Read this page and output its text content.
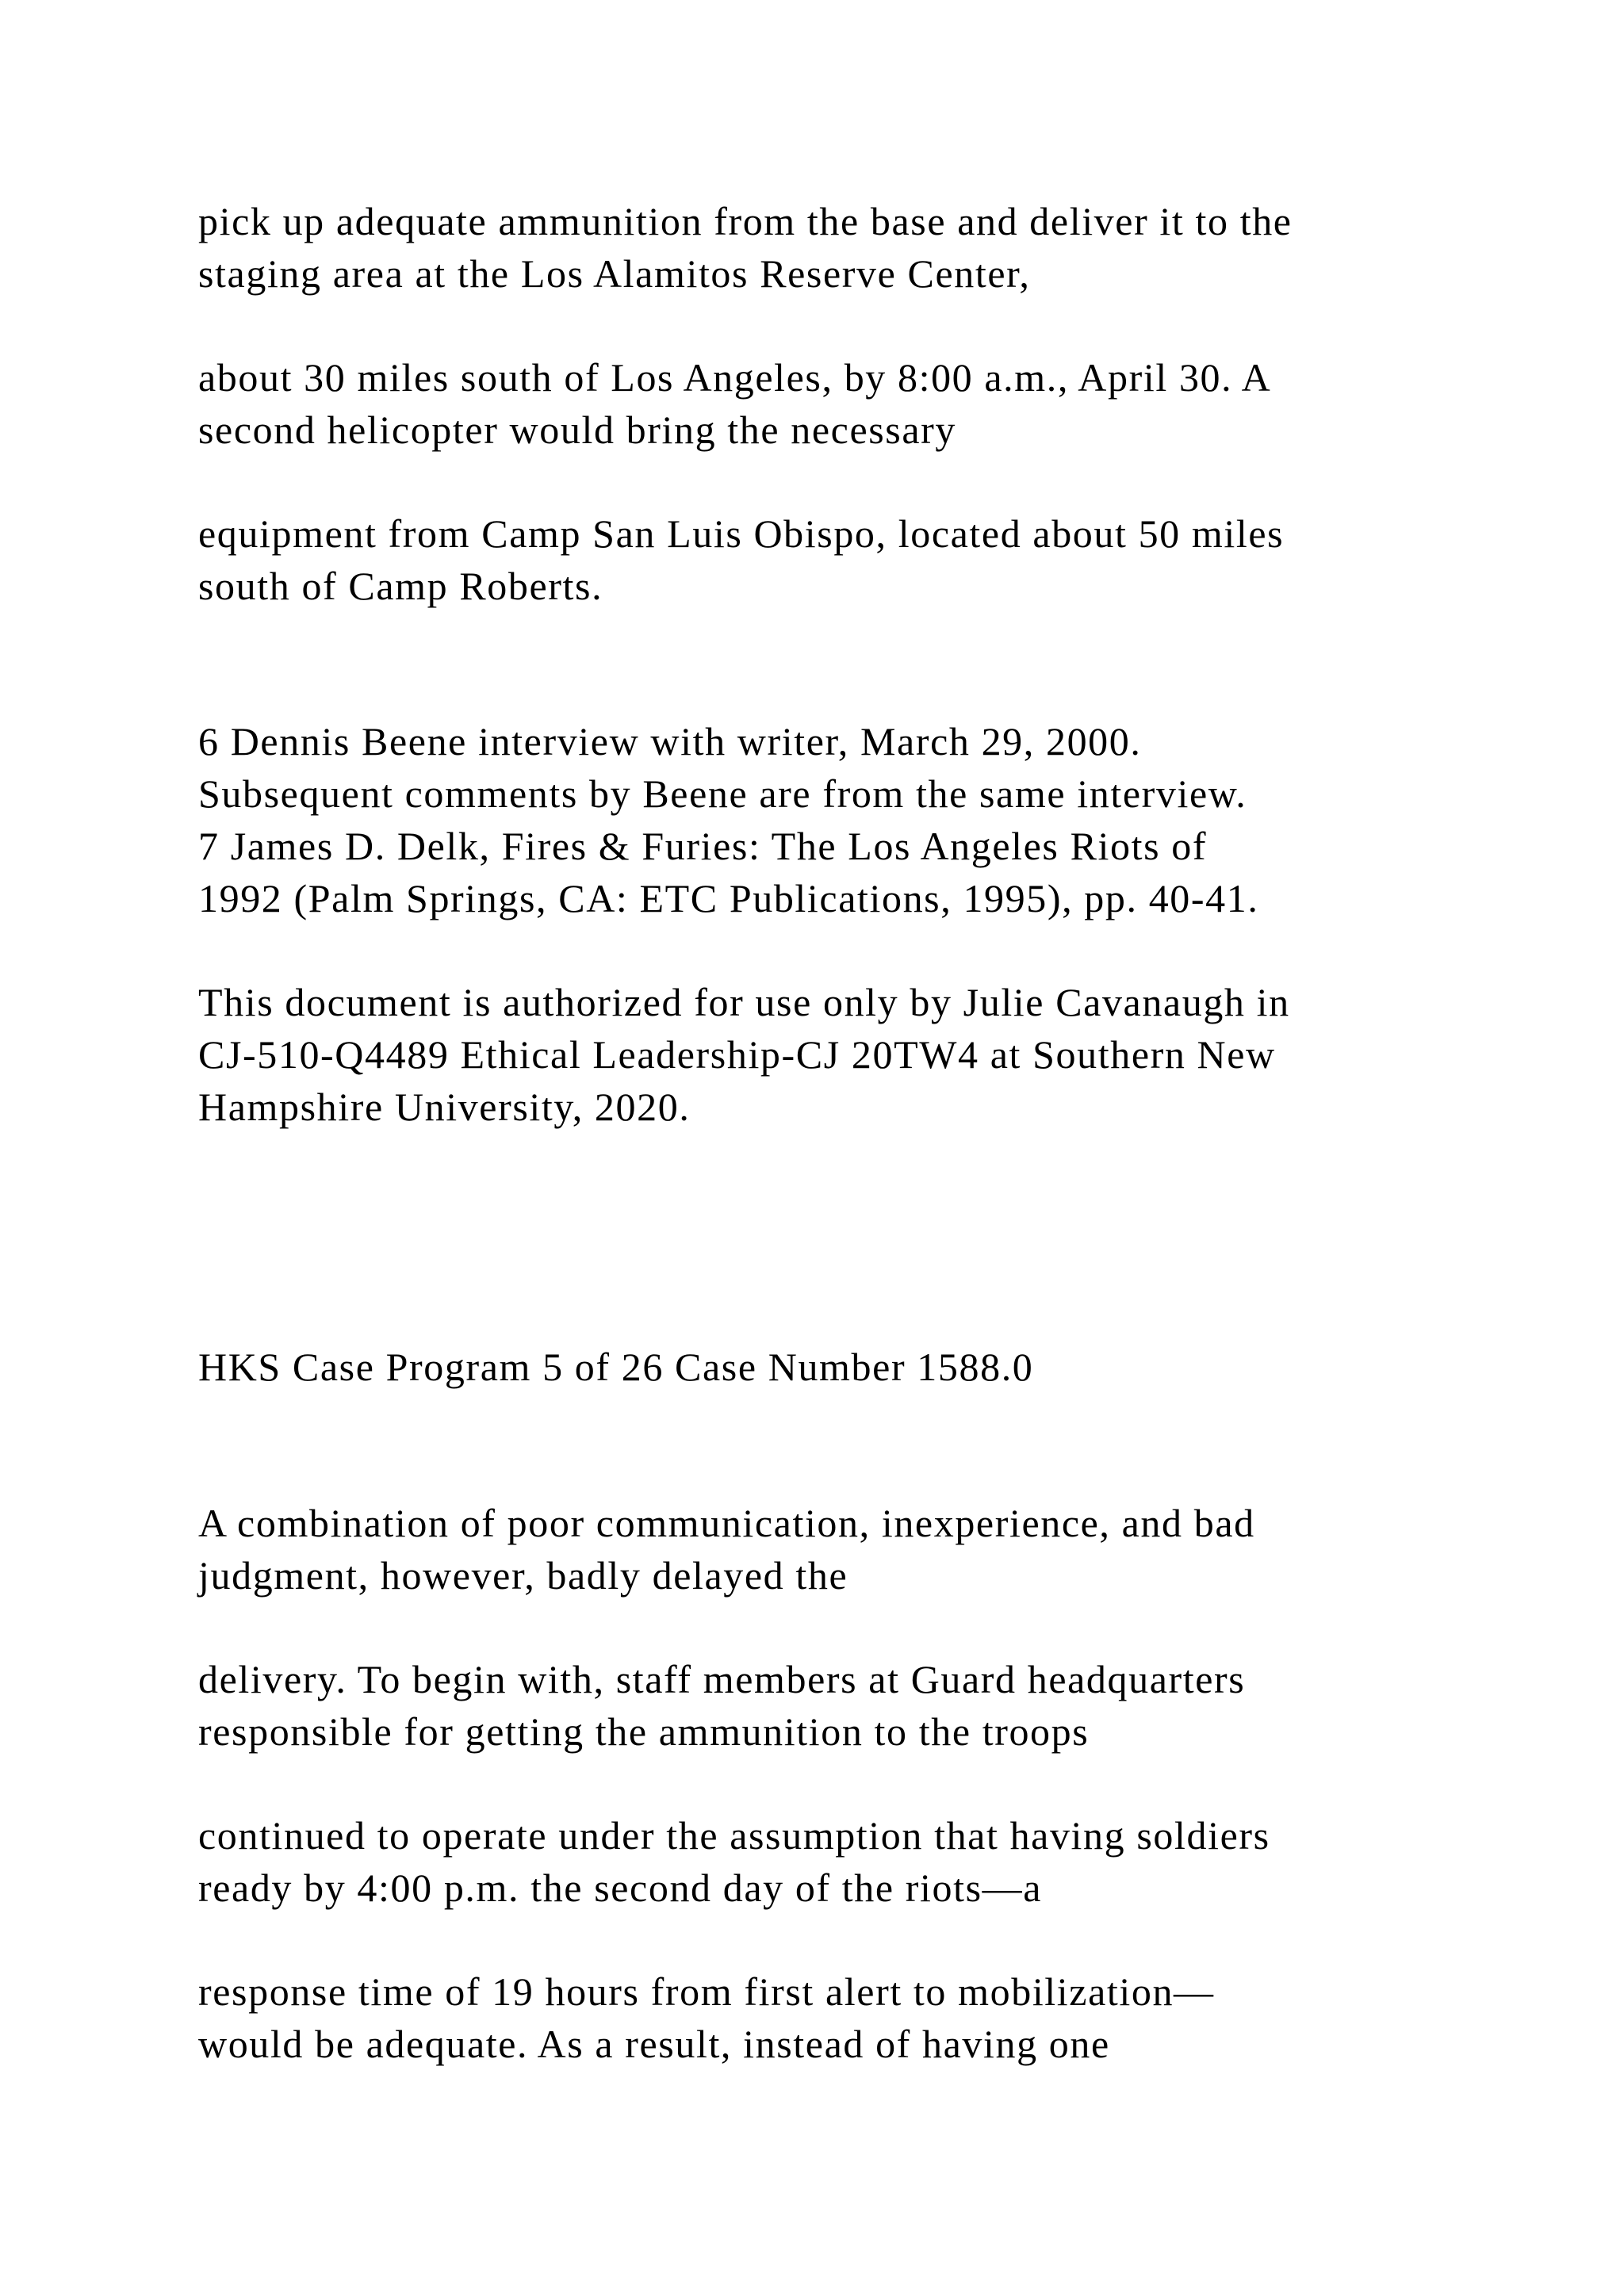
pick up adequate ammunition from the base and deliver it to the

staging area at the Los Alamitos Reserve Center,

about 30 miles south of Los Angeles, by 8:00 a.m., April 30. A

second helicopter would bring the necessary

equipment from Camp San Luis Obispo, located about 50 miles

south of Camp Roberts.

6 Dennis Beene interview with writer, March 29, 2000.

Subsequent comments by Beene are from the same interview.

7 James D. Delk, Fires & Furies: The Los Angeles Riots of

1992 (Palm Springs, CA: ETC Publications, 1995), pp. 40-41.

This document is authorized for use only by Julie Cavanaugh in

CJ-510-Q4489 Ethical Leadership-CJ 20TW4 at Southern New

Hampshire University, 2020.

HKS Case Program 5 of 26 Case Number 1588.0

A combination of poor communication, inexperience, and bad

judgment, however, badly delayed the

delivery. To begin with, staff members at Guard headquarters

responsible for getting the ammunition to the troops

continued to operate under the assumption that having soldiers

ready by 4:00 p.m. the second day of the riots—a

response time of 19 hours from first alert to mobilization—

would be adequate. As a result, instead of having one
